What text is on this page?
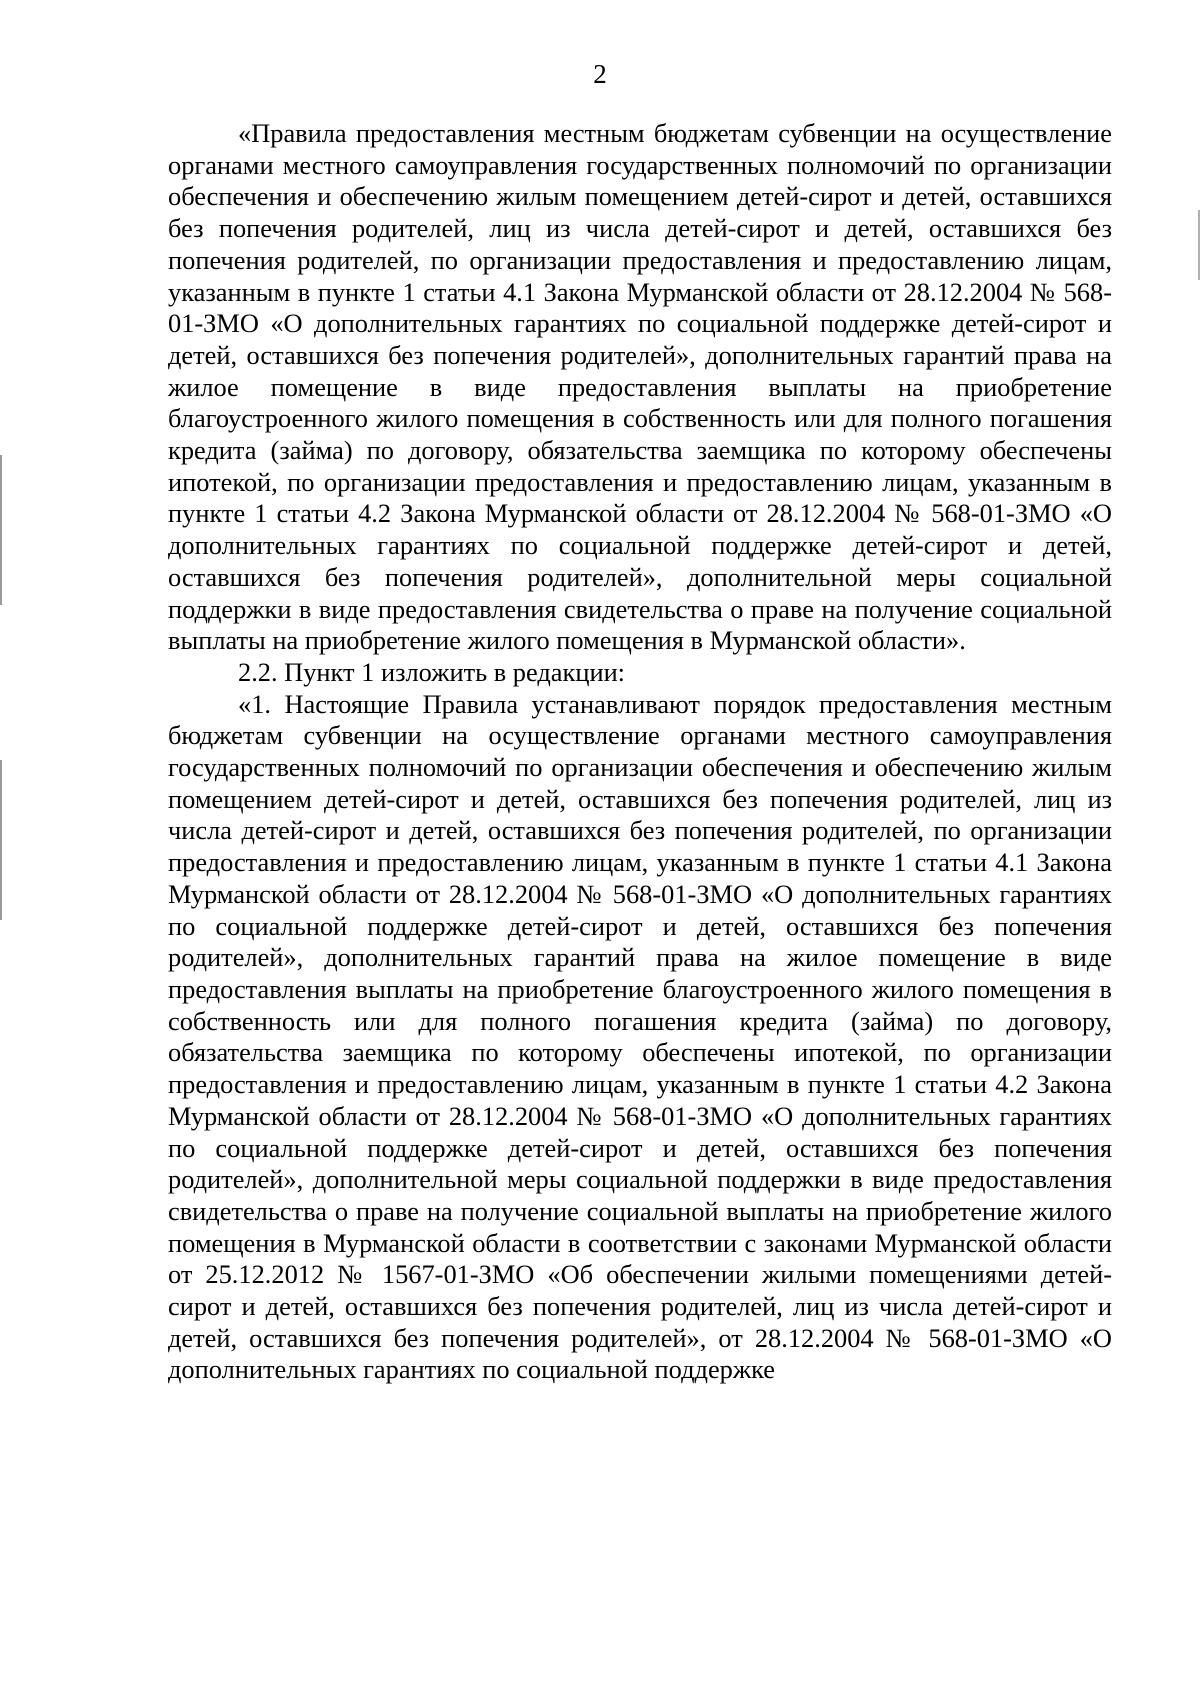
2

«Правила предоставления местным бюджетам субвенции на осуществление органами местного самоуправления государственных полномочий по организации обеспечения и обеспечению жилым помещением детей-сирот и детей, оставшихся без попечения родителей, лиц из числа детей-сирот и детей, оставшихся без попечения родителей, по организации предоставления и предоставлению лицам, указанным в пункте 1 статьи 4.1 Закона Мурманской области от 28.12.2004 № 568-01-ЗМО «О дополнительных гарантиях по социальной поддержке детей-сирот и детей, оставшихся без попечения родителей», дополнительных гарантий права на жилое помещение в виде предоставления выплаты на приобретение благоустроенного жилого помещения в собственность или для полного погашения кредита (займа) по договору, обязательства заемщика по которому обеспечены ипотекой, по организации предоставления и предоставлению лицам, указанным в пункте 1 статьи 4.2 Закона Мурманской области от 28.12.2004 № 568-01-ЗМО «О дополнительных гарантиях по социальной поддержке детей-сирот и детей, оставшихся без попечения родителей», дополнительной меры социальной поддержки в виде предоставления свидетельства о праве на получение социальной выплаты на приобретение жилого помещения в Мурманской области».

2.2. Пункт 1 изложить в редакции:

«1. Настоящие Правила устанавливают порядок предоставления местным бюджетам субвенции на осуществление органами местного самоуправления государственных полномочий по организации обеспечения и обеспечению жилым помещением детей-сирот и детей, оставшихся без попечения родителей, лиц из числа детей-сирот и детей, оставшихся без попечения родителей, по организации предоставления и предоставлению лицам, указанным в пункте 1 статьи 4.1 Закона Мурманской области от 28.12.2004 № 568-01-ЗМО «О дополнительных гарантиях по социальной поддержке детей-сирот и детей, оставшихся без попечения родителей», дополнительных гарантий права на жилое помещение в виде предоставления выплаты на приобретение благоустроенного жилого помещения в собственность или для полного погашения кредита (займа) по договору, обязательства заемщика по которому обеспечены ипотекой, по организации предоставления и предоставлению лицам, указанным в пункте 1 статьи 4.2 Закона Мурманской области от 28.12.2004 № 568-01-ЗМО «О дополнительных гарантиях по социальной поддержке детей-сирот и детей, оставшихся без попечения родителей», дополнительной меры социальной поддержки в виде предоставления свидетельства о праве на получение социальной выплаты на приобретение жилого помещения в Мурманской области в соответствии с законами Мурманской области от 25.12.2012 № 1567-01-ЗМО «Об обеспечении жилыми помещениями детей-сирот и детей, оставшихся без попечения родителей, лиц из числа детей-сирот и детей, оставшихся без попечения родителей», от 28.12.2004 № 568-01-ЗМО «О дополнительных гарантиях по социальной поддержке
